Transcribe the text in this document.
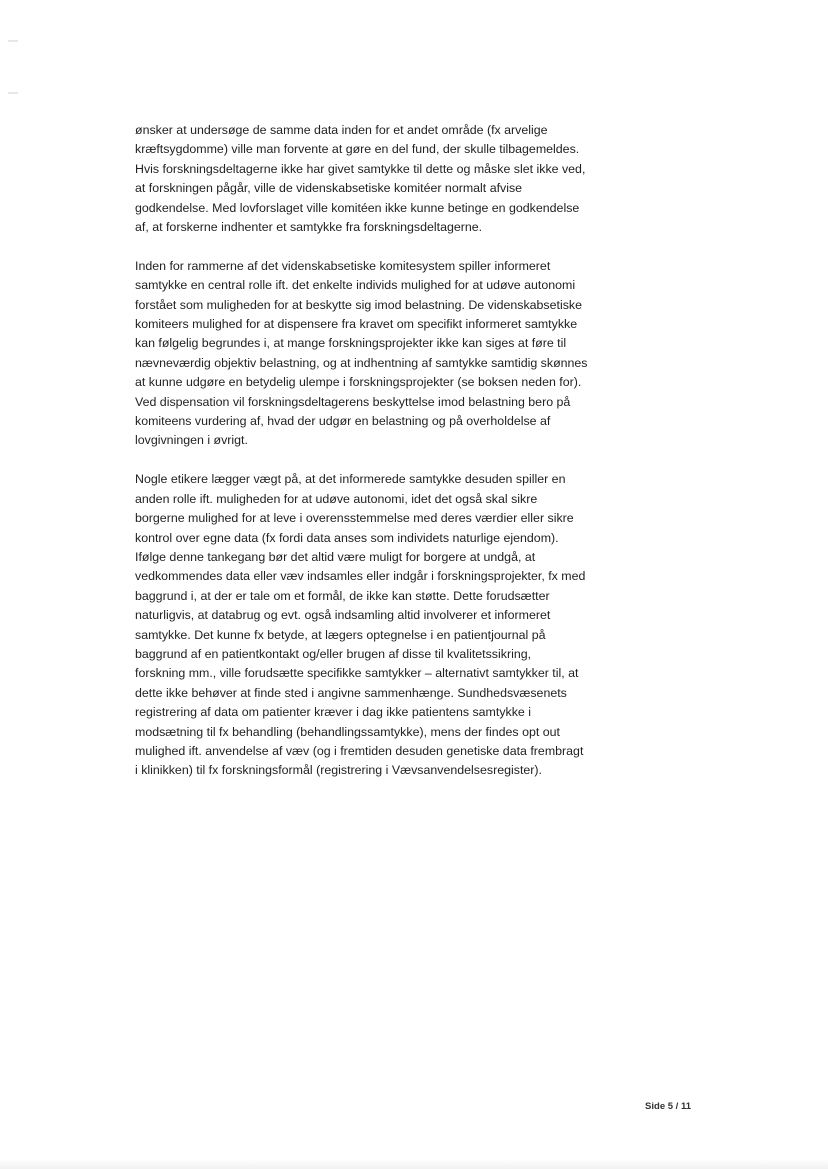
ønsker at undersøge de samme data inden for et andet område (fx arvelige
kræftsygdomme) ville man forvente at gøre en del fund, der skulle tilbagemeldes.
Hvis forskningsdeltagerne ikke har givet samtykke til dette og måske slet ikke ved,
at forskningen pågår, ville de videnskabsetiske komitéer normalt afvise
godkendelse. Med lovforslaget ville komitéen ikke kunne betinge en godkendelse
af, at forskerne indhenter et samtykke fra forskningsdeltagerne.

Inden for rammerne af det videnskabsetiske komitesystem spiller informeret
samtykke en central rolle ift. det enkelte individs mulighed for at udøve autonomi
forstået som muligheden for at beskytte sig imod belastning. De videnskabsetiske
komiteers mulighed for at dispensere fra kravet om specifikt informeret samtykke
kan følgelig begrundes i, at mange forskningsprojekter ikke kan siges at føre til
nævneværdig objektiv belastning, og at indhentning af samtykke samtidig skønnes
at kunne udgøre en betydelig ulempe i forskningsprojekter (se boksen neden for).
Ved dispensation vil forskningsdeltagerens beskyttelse imod belastning bero på
komiteens vurdering af, hvad der udgør en belastning og på overholdelse af
lovgivningen i øvrigt.

Nogle etikere lægger vægt på, at det informerede samtykke desuden spiller en
anden rolle ift. muligheden for at udøve autonomi, idet det også skal sikre
borgerne mulighed for at leve i overensstemmelse med deres værdier eller sikre
kontrol over egne data (fx fordi data anses som individets naturlige ejendom).
Ifølge denne tankegang bør det altid være muligt for borgere at undgå, at
vedkommendes data eller væv indsamles eller indgår i forskningsprojekter, fx med
baggrund i, at der er tale om et formål, de ikke kan støtte. Dette forudsætter
naturligvis, at databrug og evt. også indsamling altid involverer et informeret
samtykke. Det kunne fx betyde, at lægers optegnelse i en patientjournal på
baggrund af en patientkontakt og/eller brugen af disse til kvalitetssikring,
forskning mm., ville forudsætte specifikke samtykker – alternativt samtykker til, at
dette ikke behøver at finde sted i angivne sammenhænge. Sundhedsvæsenets
registrering af data om patienter kræver i dag ikke patientens samtykke i
modsætning til fx behandling (behandlingssamtykke), mens der findes opt out
mulighed ift. anvendelse af væv (og i fremtiden desuden genetiske data frembragt
i klinikken) til fx forskningsformål (registrering i Vævsanvendelsesregister).

Side 5 / 11
